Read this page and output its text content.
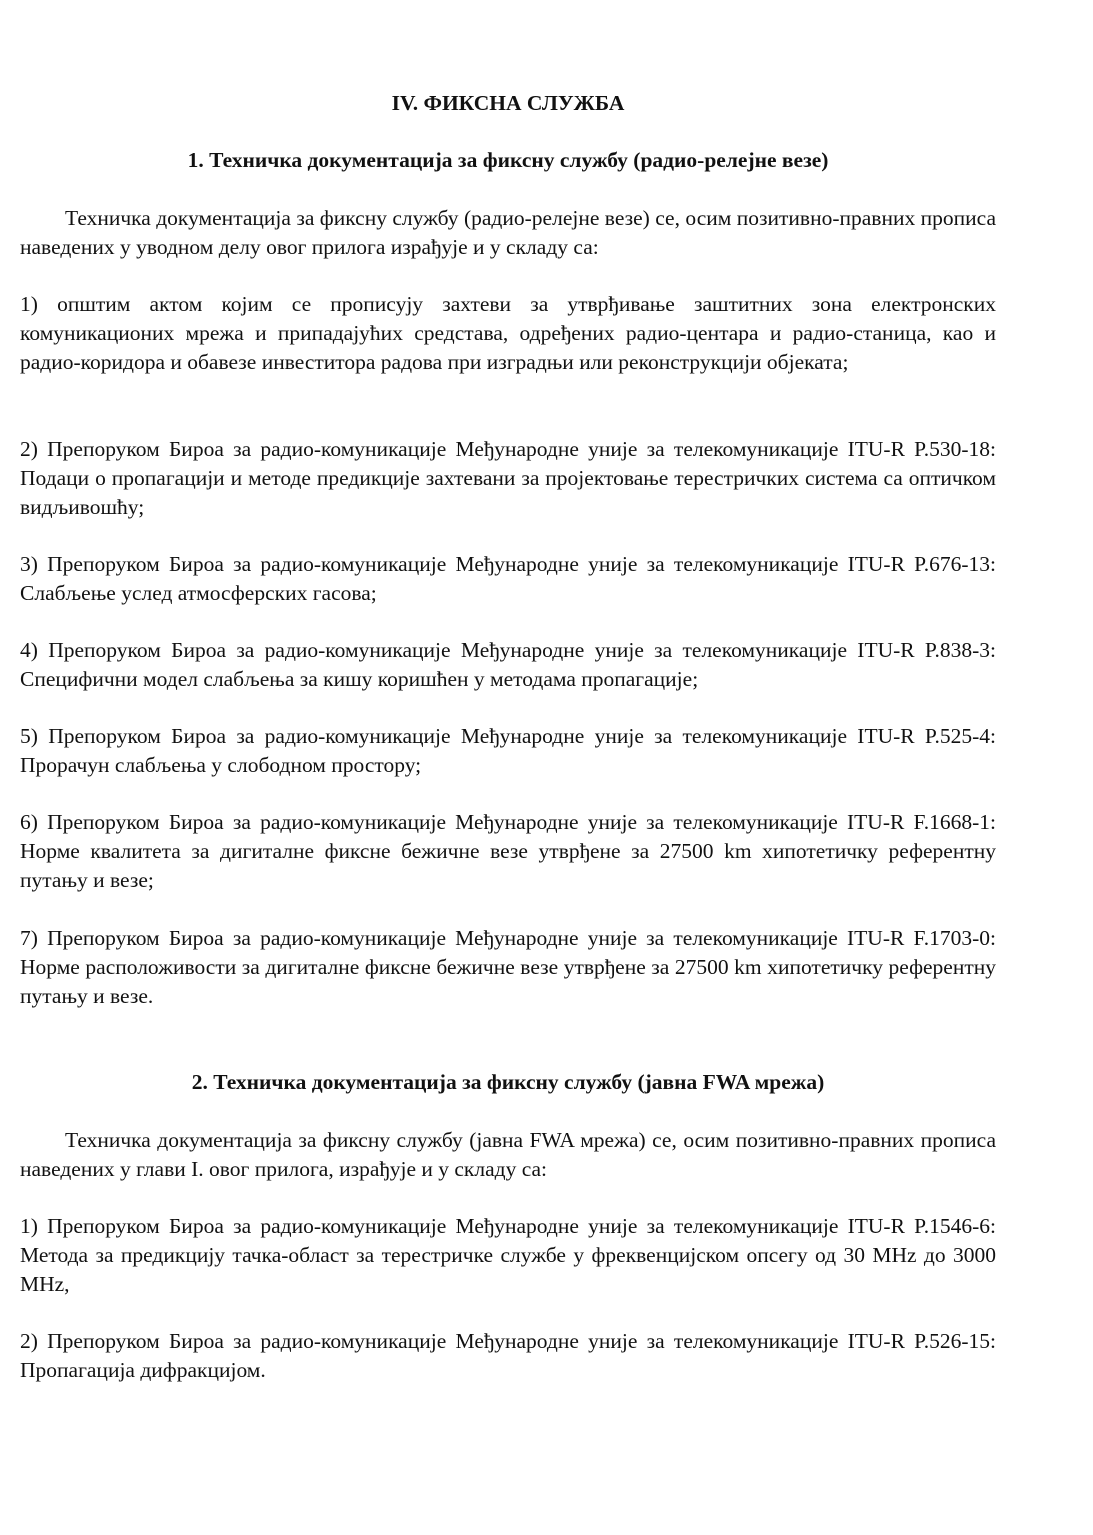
IV. ФИКСНА СЛУЖБА
1. Техничка документација за фиксну службу (радио-релејне везе)

Техничка документација за фиксну службу (радио-релејне везе) се, осим позитивно-правних прописа наведених у уводном делу овог прилога израђује и у складу са:

1) општим актом којим се прописују захтеви за утврђивање заштитних зона електронских комуникационих мрежа и припадајућих средстава, одређених радио-центара и радио-станица, као и радио-коридора и обавезе инвеститора радова при изградњи или реконструкцији објеката;

2) Препоруком Бироа за радио-комуникације Међународне уније за телекомуникације ITU-R P.530-18: Подаци о пропагацији и методе предикције захтевани за пројектовање терестричких система са оптичком видљивошћу;

3) Препоруком Бироа за радио-комуникације Међународне уније за телекомуникације ITU-R P.676-13: Слабљење услед атмосферских гасова;

4) Препоруком Бироа за радио-комуникације Међународне уније за телекомуникације ITU-R P.838-3: Специфични модел слабљења за кишу коришћен у методама пропагације;

5) Препоруком Бироа за радио-комуникације Међународне уније за телекомуникације ITU-R P.525-4: Прорачун слабљења у слободном простору;

6) Препоруком Бироа за радио-комуникације Међународне уније за телекомуникације ITU-R F.1668-1: Норме квалитета за дигиталне фиксне бежичне везе утврђене за 27500 km хипотетичку референтну путању и везе;

7) Препоруком Бироа за радио-комуникације Међународне уније за телекомуникације ITU-R F.1703-0: Норме расположивости за дигиталне фиксне бежичне везе утврђене за 27500 km хипотетичку референтну путању и везе.

2. Техничка документација за фиксну службу (јавна FWA мрежа)

Техничка документација за фиксну службу (јавна FWA мрежа) се, осим позитивно-правних прописа наведених у глави I. овог прилога, израђује и у складу са:

1) Препоруком Бироа за радио-комуникације Међународне уније за телекомуникације ITU-R P.1546-6: Метода за предикцију тачка-област за терестричке службе у фреквенцијском опсегу од 30 MHz до 3000 MHz,

2) Препоруком Бироа за радио-комуникације Међународне уније за телекомуникације ITU-R P.526-15: Пропагација дифракцијом.
